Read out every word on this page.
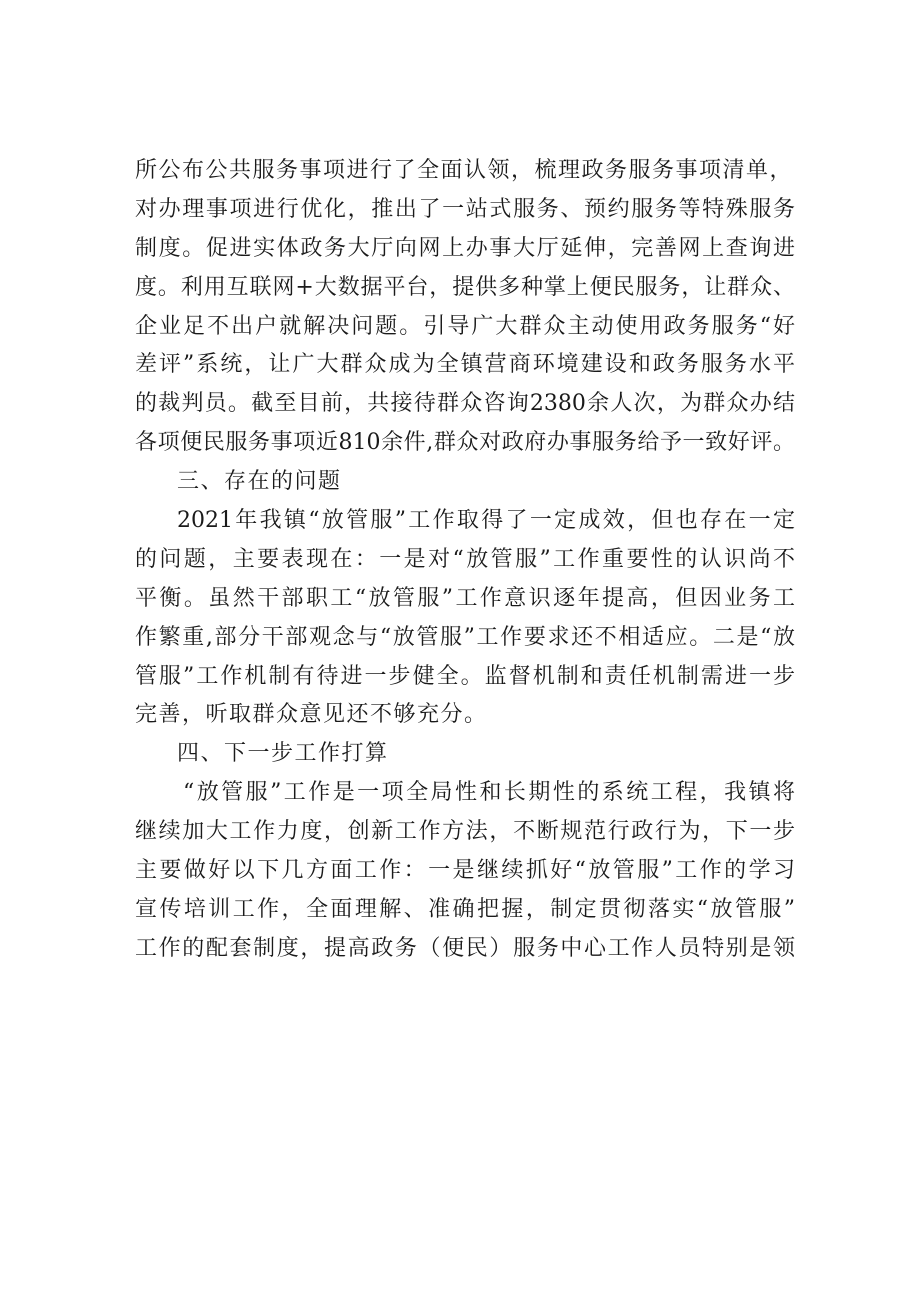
所公布公共服务事项进行了全面认领，梳理政务服务事项清单，
对办理事项进行优化，推出了一站式服务、预约服务等特殊服务
制度。促进实体政务大厅向网上办事大厅延伸，完善网上查询进
度。利用互联网+大数据平台，提供多种掌上便民服务，让群众、
企业足不出户就解决问题。引导广大群众主动使用政务服务“好
差评”系统，让广大群众成为全镇营商环境建设和政务服务水平
的裁判员。截至目前，共接待群众咨询2380余人次，为群众办结
各项便民服务事项近810余件,群众对政府办事服务给予一致好评。
三、存在的问题
2021年我镇“放管服”工作取得了一定成效，但也存在一定
的问题，主要表现在：一是对“放管服”工作重要性的认识尚不
平衡。虽然干部职工“放管服”工作意识逐年提高，但因业务工
作繁重,部分干部观念与“放管服”工作要求还不相适应。二是“放
管服”工作机制有待进一步健全。监督机制和责任机制需进一步
完善，听取群众意见还不够充分。
四、下一步工作打算
“放管服”工作是一项全局性和长期性的系统工程，我镇将
继续加大工作力度，创新工作方法，不断规范行政行为，下一步
主要做好以下几方面工作：一是继续抓好“放管服”工作的学习
宣传培训工作，全面理解、准确把握，制定贯彻落实“放管服”
工作的配套制度，提高政务（便民）服务中心工作人员特别是领
